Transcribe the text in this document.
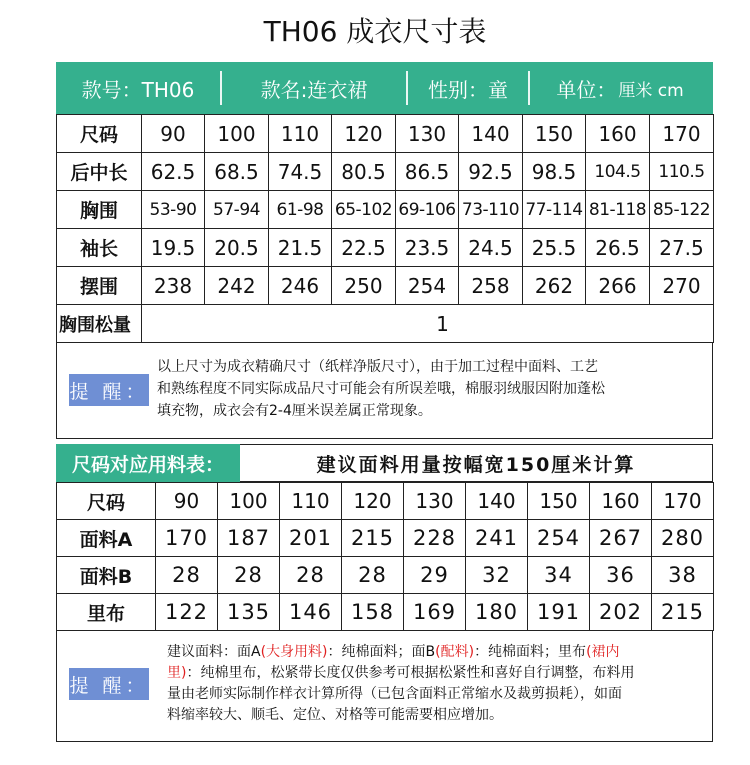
TH06 成衣尺寸表
款号：TH06	款名:连衣裙	性别：童	单位： 厘米 cm
尺码	90	100	110	120	130	140	150	160	170
后中长	62.5	68.5	74.5	80.5	86.5	92.5	98.5	104.5	110.5
胸围	53-90	57-94	61-98	65-102	69-106	73-110	77-114	81-118	85-122
袖长	19.5	20.5	21.5	22.5	23.5	24.5	25.5	26.5	27.5
摆围	238	242	246	250	254	258	262	266	270
胸围松量	1								
提 醒：
以上尺寸为成衣精确尺寸（纸样净版尺寸），由于加工过程中面料、工艺
和熟练程度不同实际成品尺寸可能会有所误差哦，棉服羽绒服因附加蓬松
填充物，成衣会有2-4厘米误差属正常现象。
尺码对应用料表：	建议面料用量按幅宽150厘米计算
尺码	90	100	110	120	130	140	150	160	170
面料A	170	187	201	215	228	241	254	267	280
面料B	28	28	28	28	29	32	34	36	38
里布	122	135	146	158	169	180	191	202	215
提 醒：
建议面料：面A(大身用料)：纯棉面料；面B(配料)：纯棉面料；里布(裙内
里)：纯棉里布，松紧带长度仅供参考可根据松紧性和喜好自行调整，布料用
量由老师实际制作样衣计算所得（已包含面料正常缩水及裁剪损耗），如面
料缩率较大、顺毛、定位、对格等可能需要相应增加。
